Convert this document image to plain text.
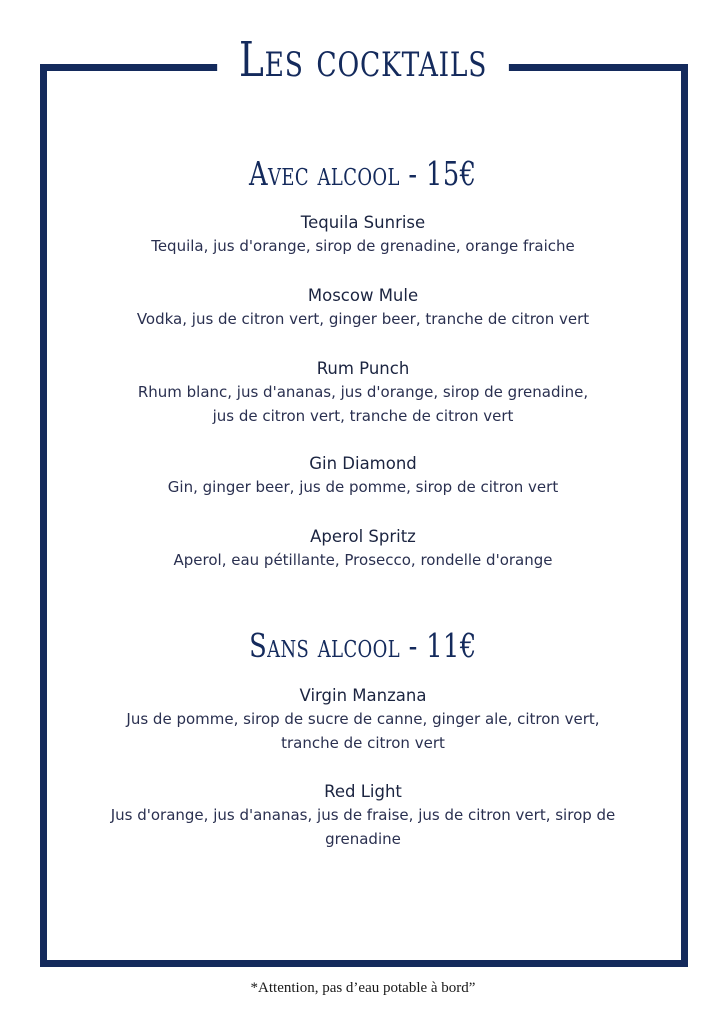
Les cocktails
Avec alcool - 15€
Tequila Sunrise
Tequila, jus d'orange, sirop de grenadine, orange fraiche
Moscow Mule
Vodka, jus de citron vert, ginger beer, tranche de citron vert
Rum Punch
Rhum blanc, jus d'ananas, jus d'orange, sirop de grenadine,
jus de citron vert, tranche de citron vert
Gin Diamond
Gin, ginger beer, jus de pomme, sirop de citron vert
Aperol Spritz
Aperol, eau pétillante, Prosecco, rondelle d'orange
Sans alcool - 11€
Virgin Manzana
Jus de pomme, sirop de sucre de canne, ginger ale, citron vert,
tranche de citron vert
Red Light
Jus d'orange, jus d'ananas, jus de fraise, jus de citron vert, sirop de
grenadine
*Attention, pas d’eau potable à bord”
